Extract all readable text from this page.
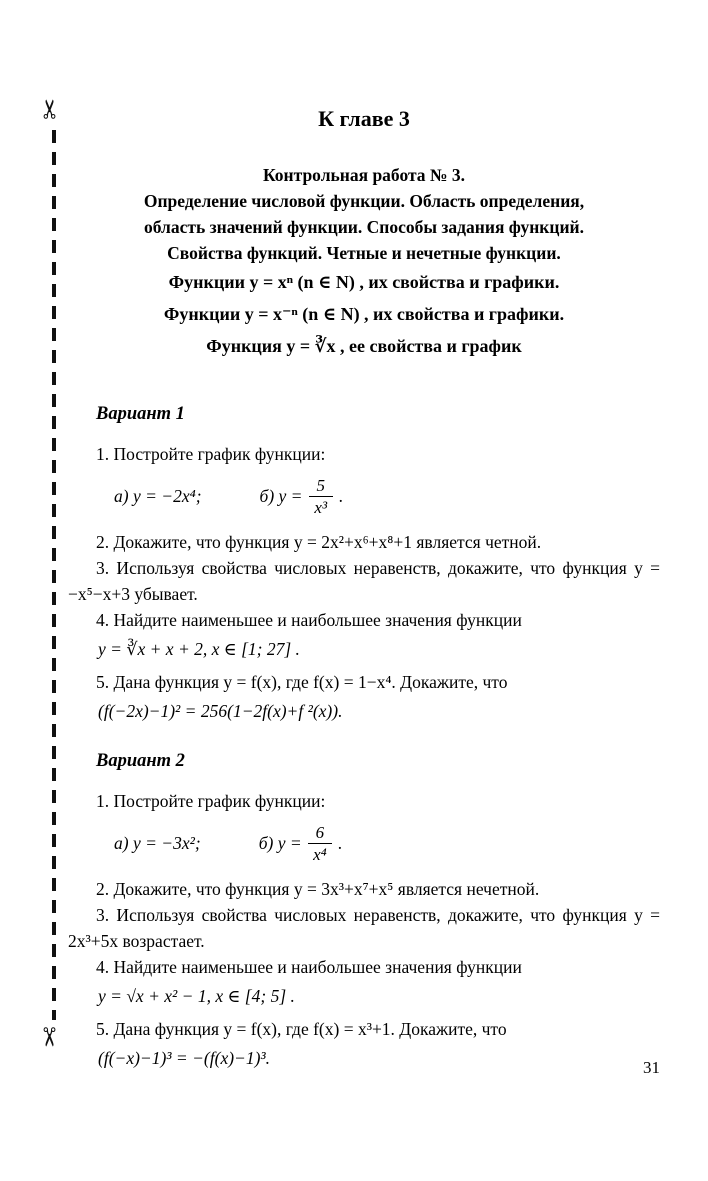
✂
✂
К главе 3

Контрольная работа № 3.

Определение числовой функции. Область определения,

область значений функции. Способы задания функций.

Свойства функций. Четные и нечетные функции.

Функции y = xⁿ (n ∈ N) , их свойства и графики.

Функции y = x⁻ⁿ (n ∈ N) , их свойства и графики.

Функция y = ∛x , ее свойства и график

Вариант 1

1. Постройте график функции:

а) y = −2x⁴;	б) $y = \frac{5}{\text{x³}}$ .

2. Докажите, что функция y = 2x²+x⁶+x⁸+1 является четной.

3. Используя свойства числовых неравенств, докажите, что функция y = −x⁵−x+3 убывает.

4. Найдите наименьшее и наибольшее значения функции

y = ∛x + x + 2, x ∈ [1; 27] .

5. Дана функция y = f(x), где f(x) = 1−x⁴. Докажите, что

(f(−2x)−1)² = 256(1−2f(x)+f ²(x)).

Вариант 2

1. Постройте график функции:

а) y = −3x²;	б) $y = \frac{6}{\text{x⁴}}$ .

2. Докажите, что функция y = 3x³+x⁷+x⁵ является нечетной.

3. Используя свойства числовых неравенств, докажите, что функция y = 2x³+5x возрастает.

4. Найдите наименьшее и наибольшее значения функции

y = √x + x² − 1, x ∈ [4; 5] .

5. Дана функция y = f(x), где f(x) = x³+1. Докажите, что

(f(−x)−1)³ = −(f(x)−1)³.	31
